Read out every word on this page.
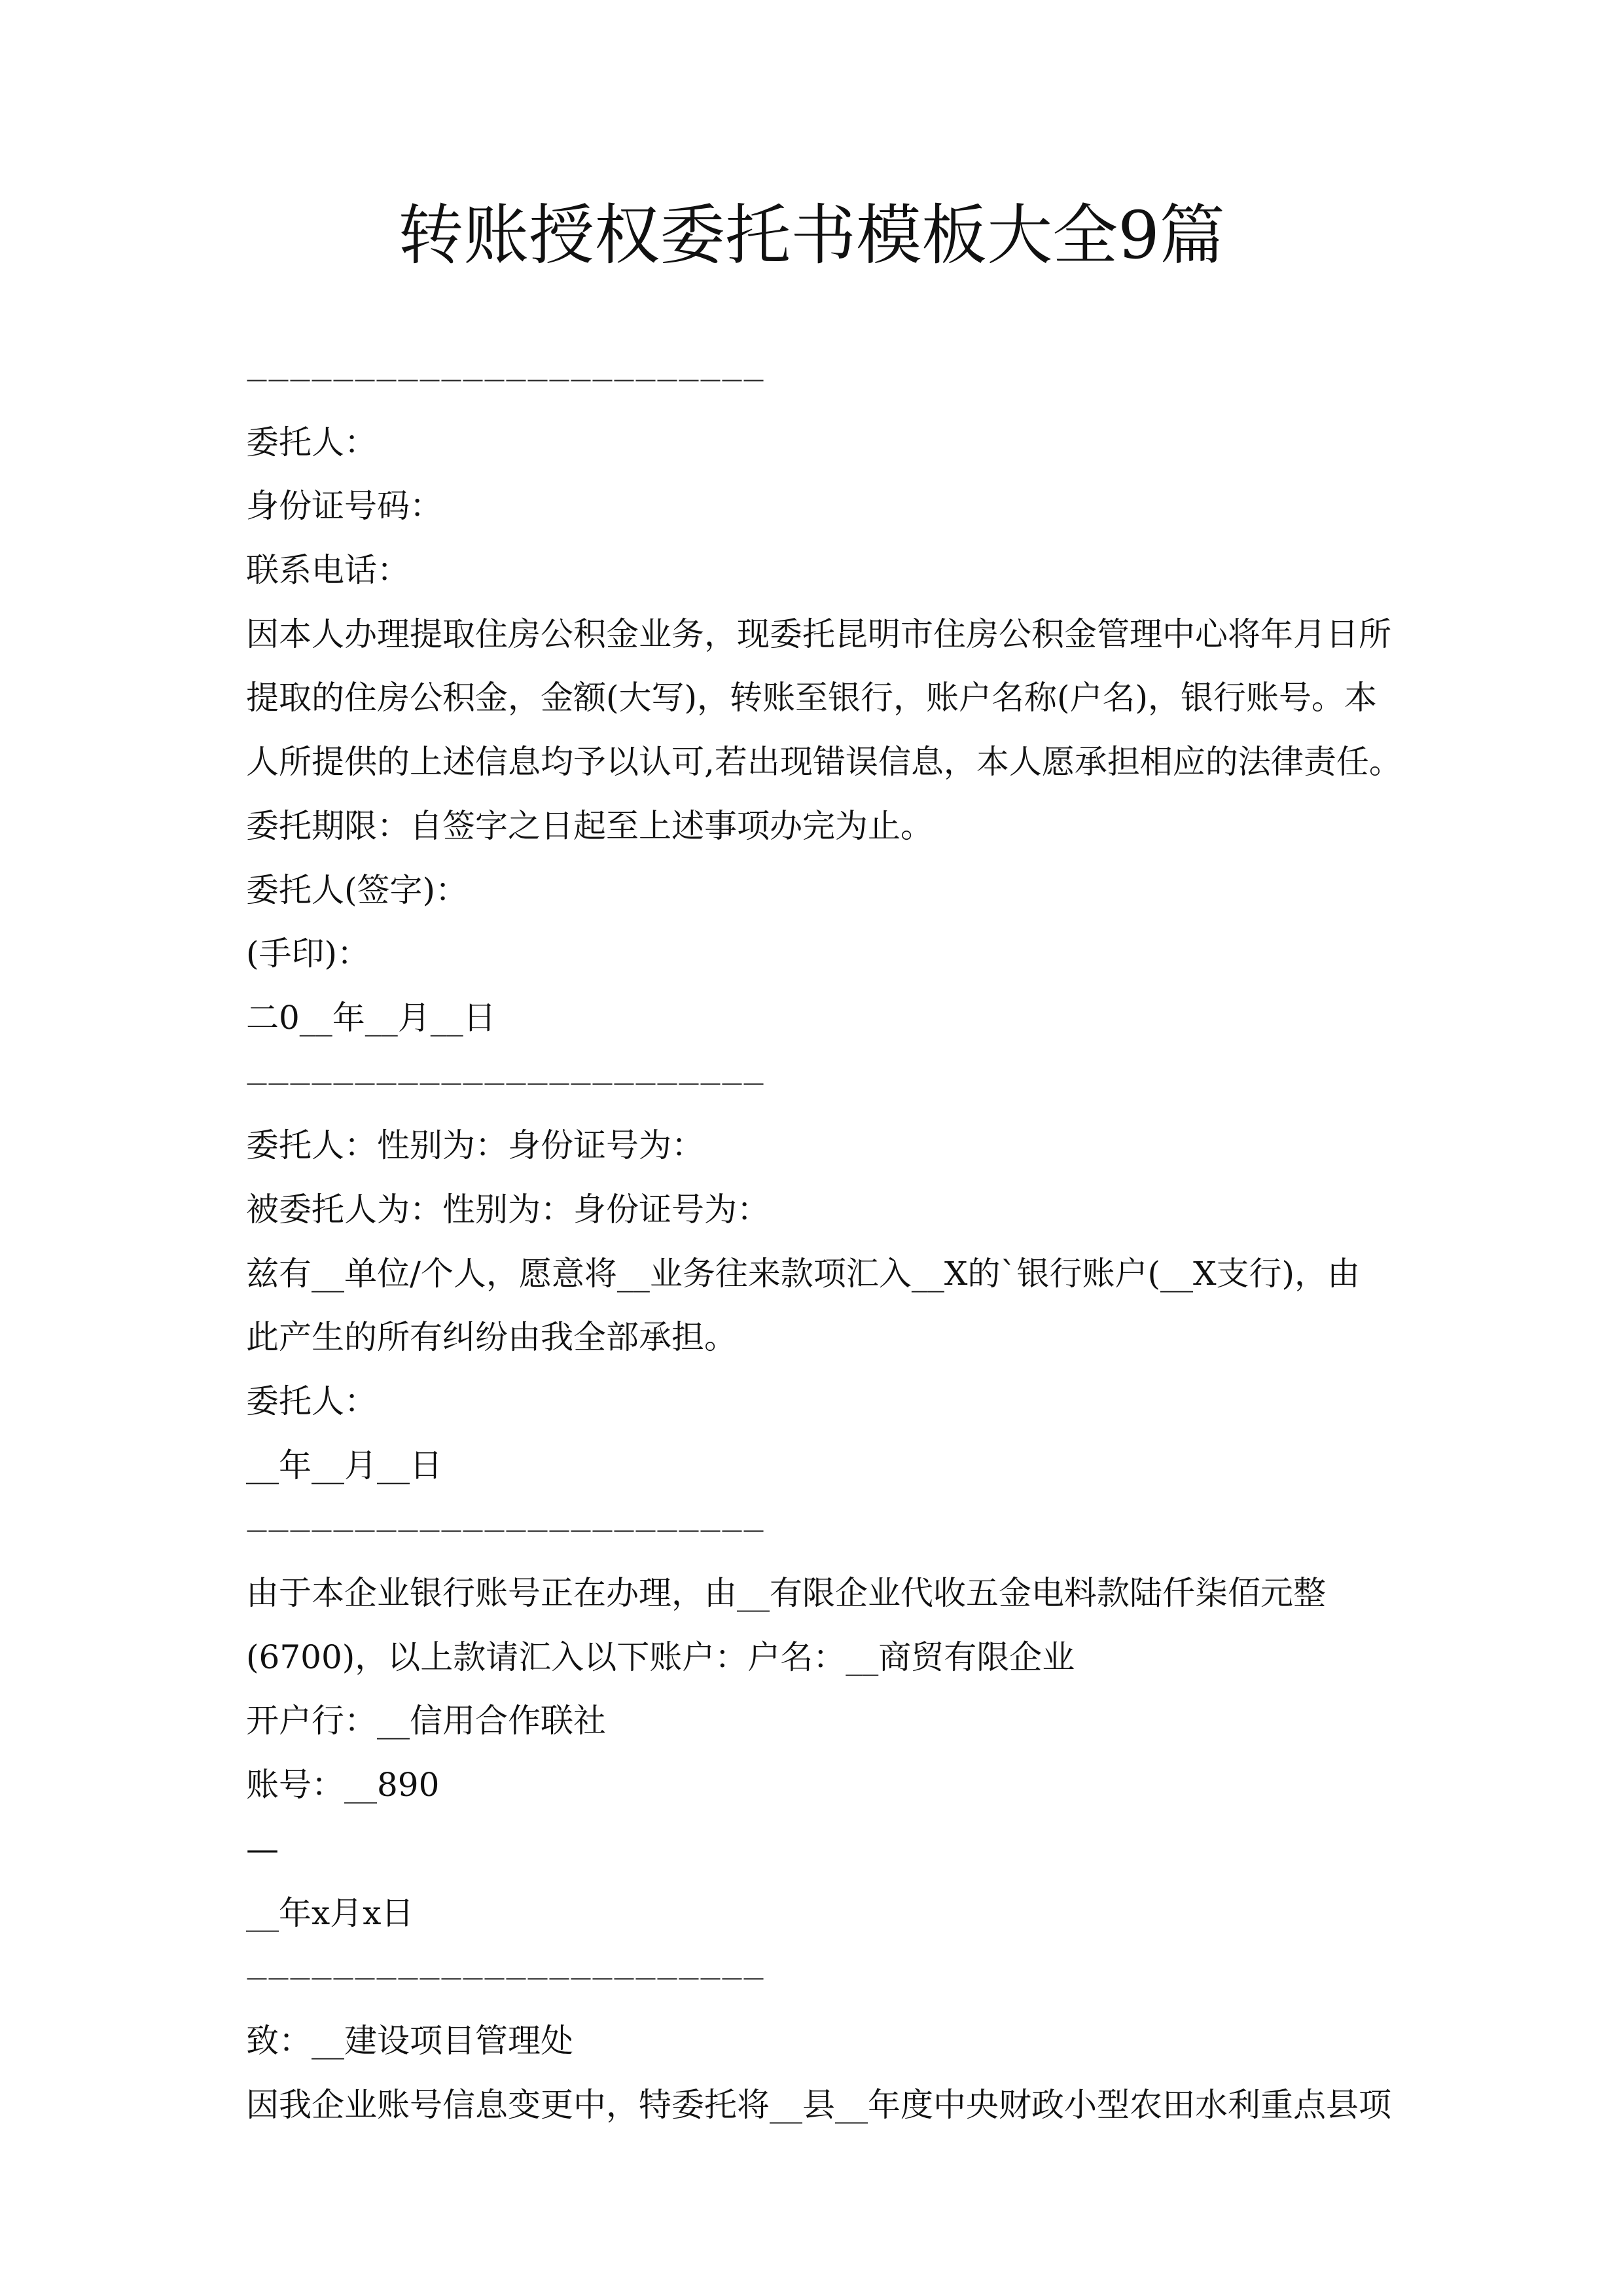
转账授权委托书模板大全9篇
————————————————————————
委托人：
身份证号码：
联系电话：
因本人办理提取住房公积金业务，现委托昆明市住房公积金管理中心将年月日所
提取的住房公积金，金额(大写)，转账至银行，账户名称(户名)，银行账号。本
人所提供的上述信息均予以认可,若出现错误信息，本人愿承担相应的法律责任。
委托期限：自签字之日起至上述事项办完为止。
委托人(签字)：
(手印)：
二0__年__月__日
————————————————————————
委托人：性别为：身份证号为：
被委托人为：性别为：身份证号为：
兹有__单位/个人，愿意将__业务往来款项汇入__X的`银行账户(__X支行)，由
此产生的所有纠纷由我全部承担。
委托人：
__年__月__日
————————————————————————
由于本企业银行账号正在办理，由__有限企业代收五金电料款陆仟柒佰元整
(6700)，以上款请汇入以下账户：户名：__商贸有限企业
开户行：__信用合作联社
账号：__890
—
__年x月x日
————————————————————————
致：__建设项目管理处
因我企业账号信息变更中，特委托将__县__年度中央财政小型农田水利重点县项
